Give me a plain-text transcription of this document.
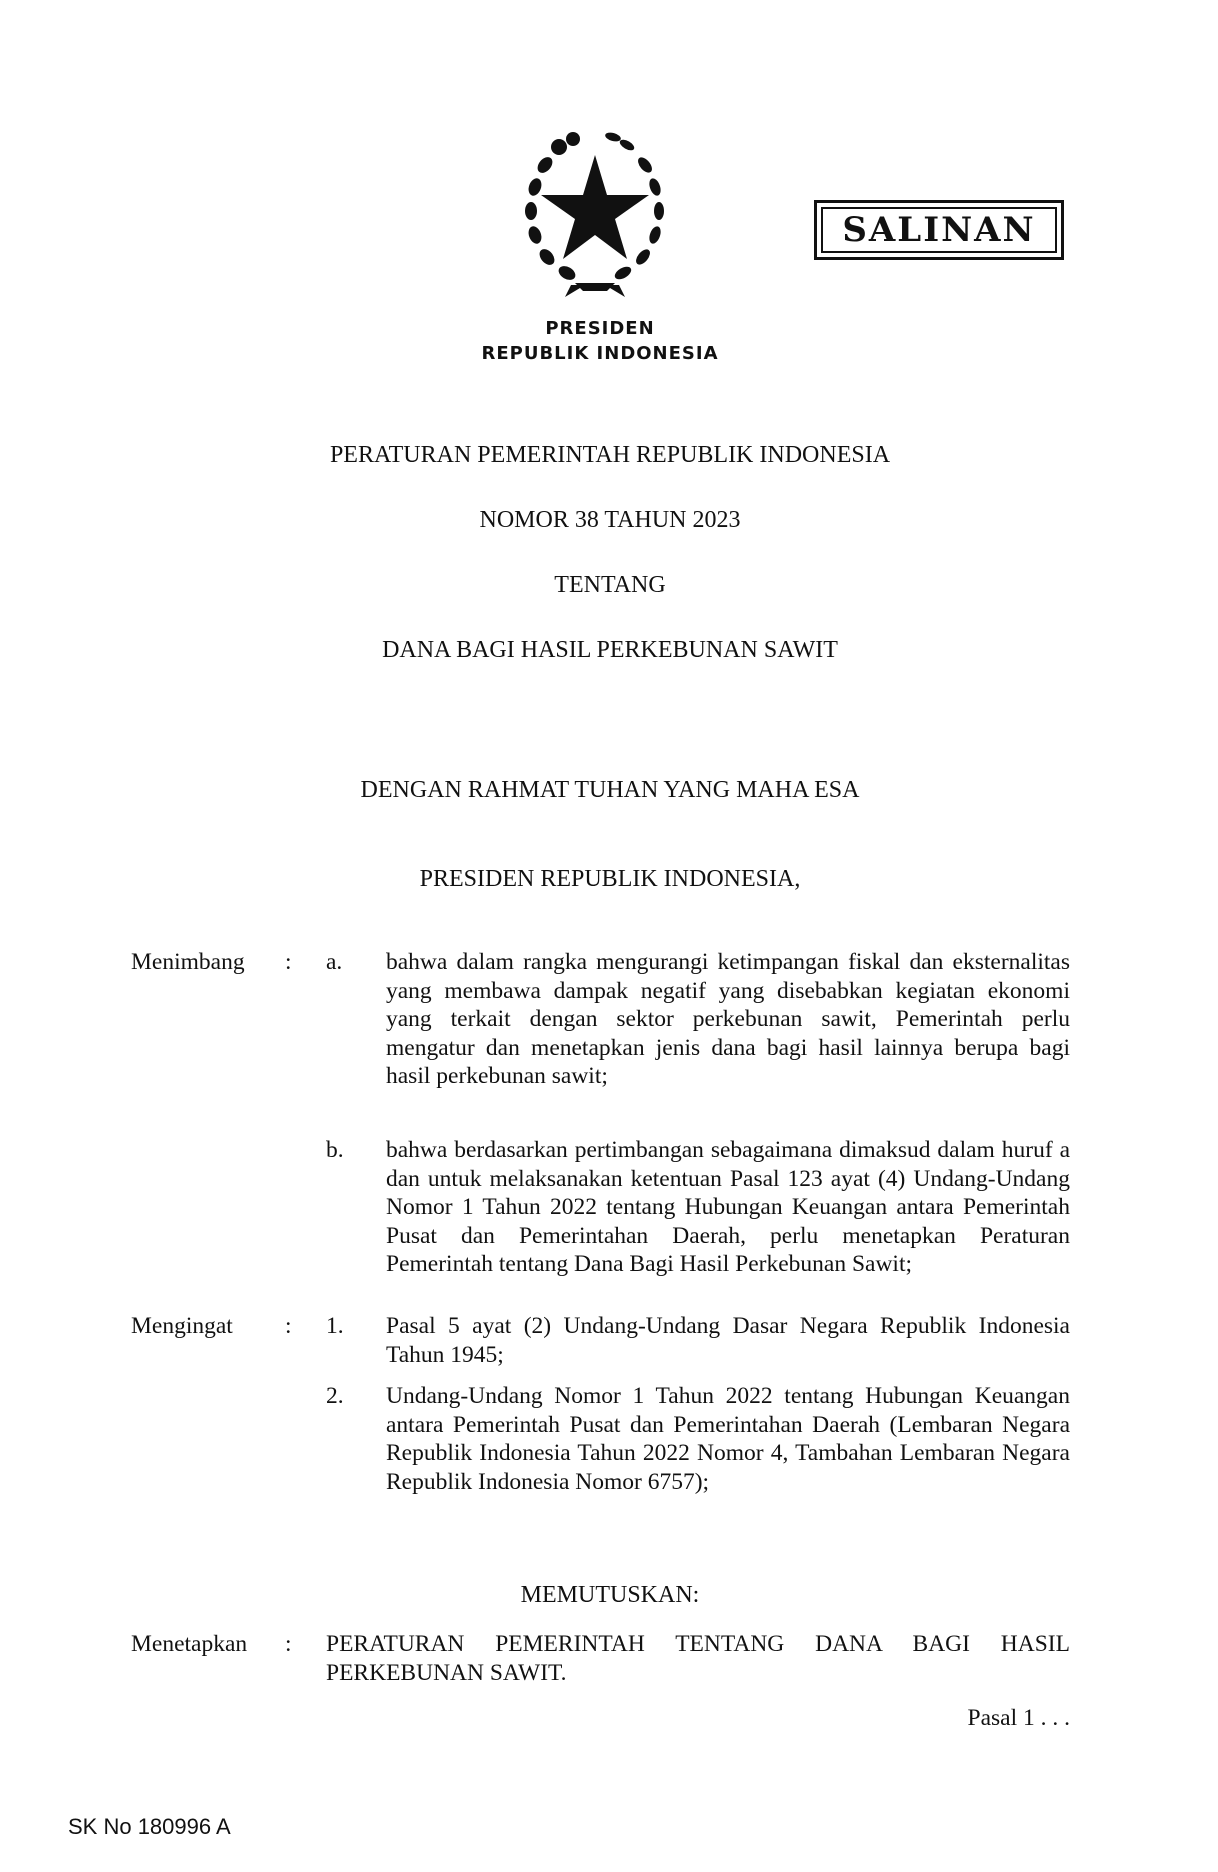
PRESIDEN
REPUBLIK INDONESIA
SALINAN
PERATURAN PEMERINTAH REPUBLIK INDONESIA
NOMOR 38 TAHUN 2023
TENTANG
DANA BAGI HASIL PERKEBUNAN SAWIT
DENGAN RAHMAT TUHAN YANG MAHA ESA
PRESIDEN REPUBLIK INDONESIA,
Menimbang : a. bahwa dalam rangka mengurangi ketimpangan fiskal dan eksternalitas yang membawa dampak negatif yang disebabkan kegiatan ekonomi yang terkait dengan sektor perkebunan sawit, Pemerintah perlu mengatur dan menetapkan jenis dana bagi hasil lainnya berupa bagi hasil perkebunan sawit;
b. bahwa berdasarkan pertimbangan sebagaimana dimaksud dalam huruf a dan untuk melaksanakan ketentuan Pasal 123 ayat (4) Undang-Undang Nomor 1 Tahun 2022 tentang Hubungan Keuangan antara Pemerintah Pusat dan Pemerintahan Daerah, perlu menetapkan Peraturan Pemerintah tentang Dana Bagi Hasil Perkebunan Sawit;
Mengingat : 1. Pasal 5 ayat (2) Undang-Undang Dasar Negara Republik Indonesia Tahun 1945;
2. Undang-Undang Nomor 1 Tahun 2022 tentang Hubungan Keuangan antara Pemerintah Pusat dan Pemerintahan Daerah (Lembaran Negara Republik Indonesia Tahun 2022 Nomor 4, Tambahan Lembaran Negara Republik Indonesia Nomor 6757);
MEMUTUSKAN:
Menetapkan : PERATURAN PEMERINTAH TENTANG DANA BAGI HASIL PERKEBUNAN SAWIT.
Pasal 1 . . .
SK No 180996 A
